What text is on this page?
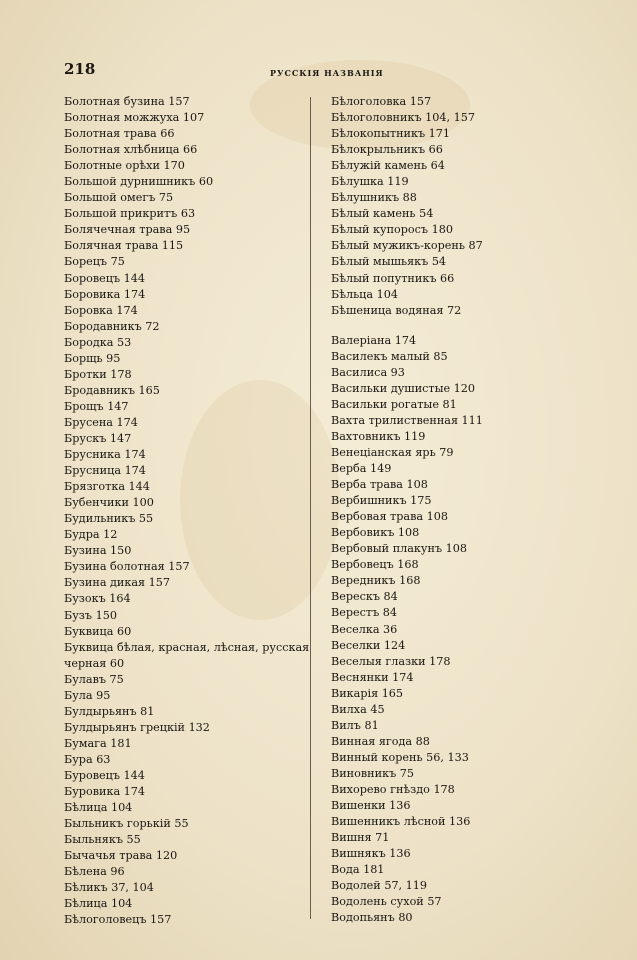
218	РУССКІЯ НАЗВАНІЯ
Болотная бузина 157
Болотная можжуха 107
Болотная трава 66
Болотная хлѣбница 66
Болотные орѣхи 170
Большой дурнишникъ 60
Большой омегъ 75
Большой прикритъ 63
Болячечная трава 95
Болячная трава 115
Борецъ 75
Боровецъ 144
Боровика 174
Боровка 174
Бородавникъ 72
Бородка 53
Борщь 95
Бротки 178
Бродавникъ 165
Брощъ 147
Брусена 174
Брускъ 147
Брусника 174
Брусница 174
Брязготка 144
Бубенчики 100
Будильникъ 55
Будра 12
Бузина 150
Бузина болотная 157
Бузина дикая 157
Бузокъ 164
Бузъ 150
Буквица 60
Буквица бѣлая, красная, лѣсная, русская
черная 60
Булавъ 75
Була 95
Булдырьянъ 81
Булдырьянъ грецкій 132
Бумага 181
Бура 63
Буровецъ 144
Буровика 174
Бѣлица 104
Быльникъ горькій 55
Быльнякъ 55
Бычачья трава 120
Бѣлена 96
Бѣликъ 37, 104
Бѣлица 104
Бѣлоголовецъ 157
Бѣлоголовка 157
Бѣлоголовникъ 104, 157
Бѣлокопытникъ 171
Бѣлокрыльникъ 66
Бѣлужій камень 64
Бѣлушка 119
Бѣлушникъ 88
Бѣлый камень 54
Бѣлый купоросъ 180
Бѣлый мужикъ-корень 87
Бѣлый мышьякъ 54
Бѣлый попутникъ 66
Бѣльца 104
Бѣшеница водяная 72
Валеріана 174
Василекъ малый 85
Василиса 93
Васильки душистые 120
Васильки рогатые 81
Вахта трилиственная 111
Вахтовникъ 119
Венеціанская ярь 79
Верба 149
Верба трава 108
Вербишникъ 175
Вербовая трава 108
Вербовикъ 108
Вербовый плакунъ 108
Вербовецъ 168
Вередникъ 168
Верескъ 84
Верестъ 84
Веселка 36
Веселки 124
Веселыя глазки 178
Веснянки 174
Викарія 165
Вилха 45
Вилъ 81
Винная ягода 88
Винный корень 56, 133
Виновникъ 75
Вихорево гнѣздо 178
Вишенки 136
Вишенникъ лѣсной 136
Вишня 71
Вишнякъ 136
Вода 181
Водолей 57, 119
Водолень сухой 57
Водопьянъ 80
